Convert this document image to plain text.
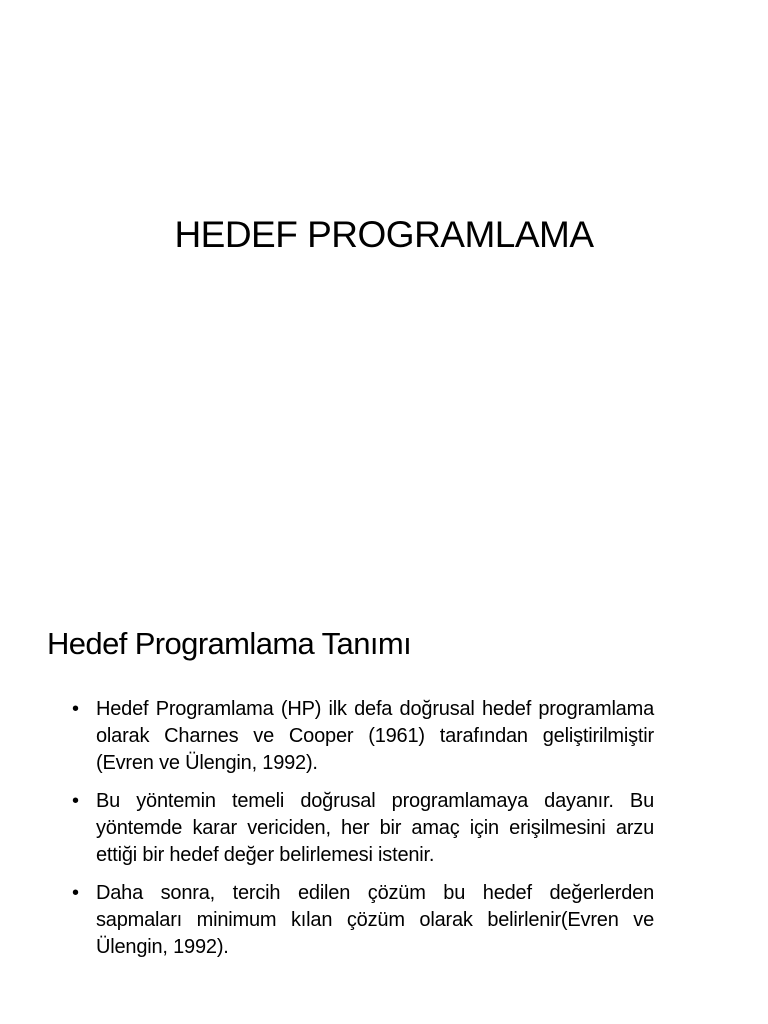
HEDEF PROGRAMLAMA
Hedef Programlama Tanımı
• Hedef Programlama (HP) ilk defa doğrusal hedef programlama olarak Charnes ve Cooper (1961) tarafından geliştirilmiştir (Evren ve Ülengin, 1992).
• Bu yöntemin temeli doğrusal programlamaya dayanır. Bu yöntemde karar vericiden, her bir amaç için erişilmesini arzu ettiği bir hedef değer belirlemesi istenir.
• Daha sonra, tercih edilen çözüm bu hedef değerlerden sapmaları minimum kılan çözüm olarak belirlenir(Evren ve Ülengin, 1992).
